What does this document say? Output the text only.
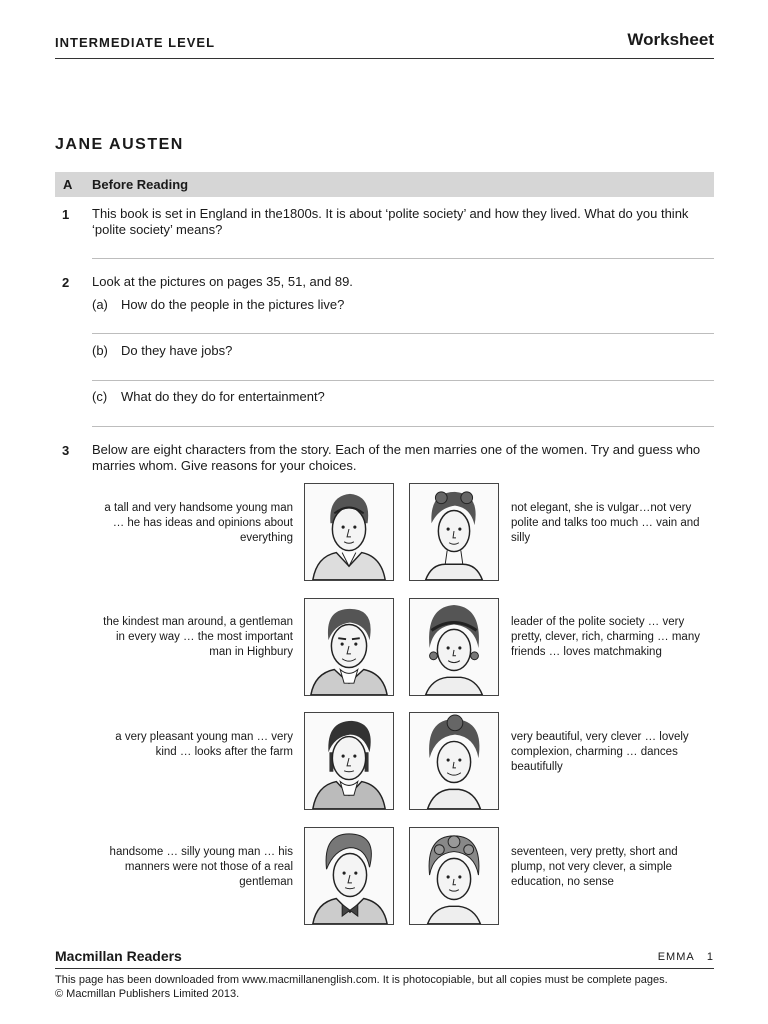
INTERMEDIATE LEVEL	Worksheet
JANE AUSTEN
A Before Reading
1 This book is set in England in the1800s. It is about ‘polite society’ and how they lived. What do you think ‘polite society’ means?
2 Look at the pictures on pages 35, 51, and 89.
(a) How do the people in the pictures live?
(b) Do they have jobs?
(c) What do they do for entertainment?
3 Below are eight characters from the story. Each of the men marries one of the women. Try and guess who marries whom. Give reasons for your choices.
a tall and very handsome young man … he has ideas and opinions about everything
not elegant, she is vulgar…not very polite and talks too much … vain and silly
the kindest man around, a gentleman in every way … the most important man in Highbury
leader of the polite society … very pretty, clever, rich, charming … many friends … loves matchmaking
a very pleasant young man … very kind … looks after the farm
very beautiful, very clever … lovely complexion, charming … dances beautifully
handsome … silly young man … his manners were not those of a real gentleman
seventeen, very pretty, short and plump, not very clever, a simple education, no sense
Macmillan Readers	EMMA 1
This page has been downloaded from www.macmillanenglish.com. It is photocopiable, but all copies must be complete pages.
© Macmillan Publishers Limited 2013.
